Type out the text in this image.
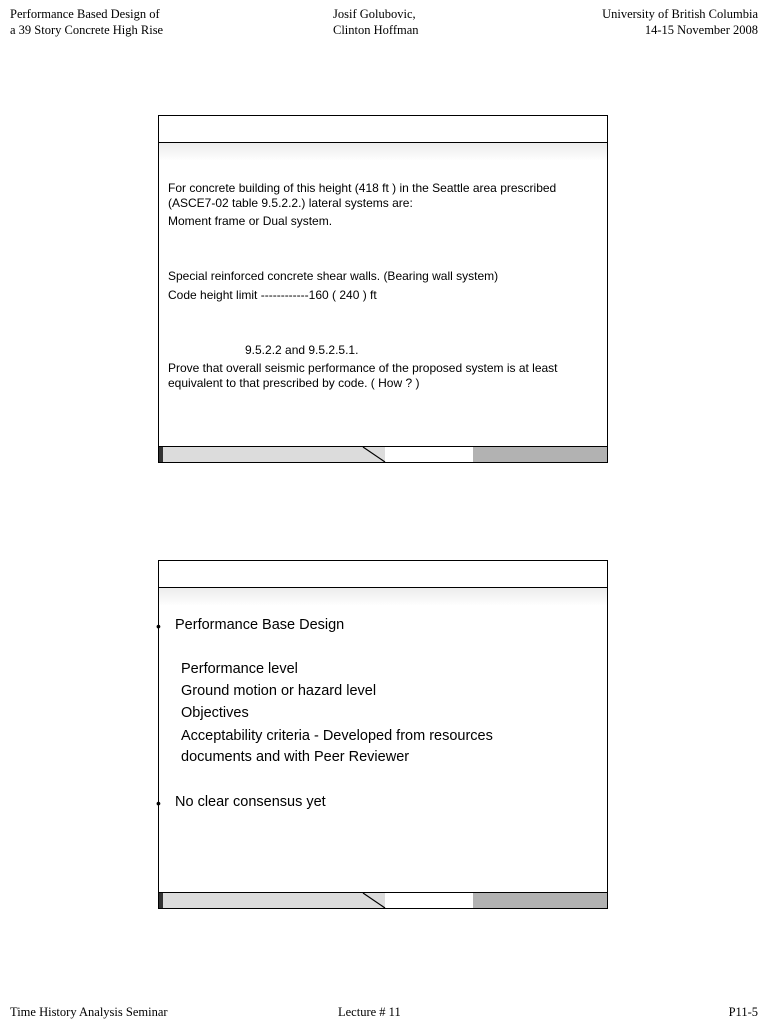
Performance Based Design of
a 39 Story Concrete High Rise
Josif Golubovic,
Clinton Hoffman
University of British Columbia
14-15 November 2008
For concrete building of this height (418 ft ) in the Seattle area prescribed
(ASCE7-02 table 9.5.2.2.) lateral systems are:
Moment frame or Dual system.
Special reinforced concrete shear walls. (Bearing wall system)
Code height limit ------------160 ( 240 ) ft
9.5.2.2 and 9.5.2.5.1.
Prove that overall seismic performance of the proposed system is at least
equivalent to that prescribed by code. ( How ? )
• Performance Base Design
Performance level
Ground motion or hazard level
Objectives
Acceptability criteria - Developed from resources
documents and with Peer Reviewer
• No clear consensus yet
Time History Analysis Seminar	Lecture # 11	P11-5
